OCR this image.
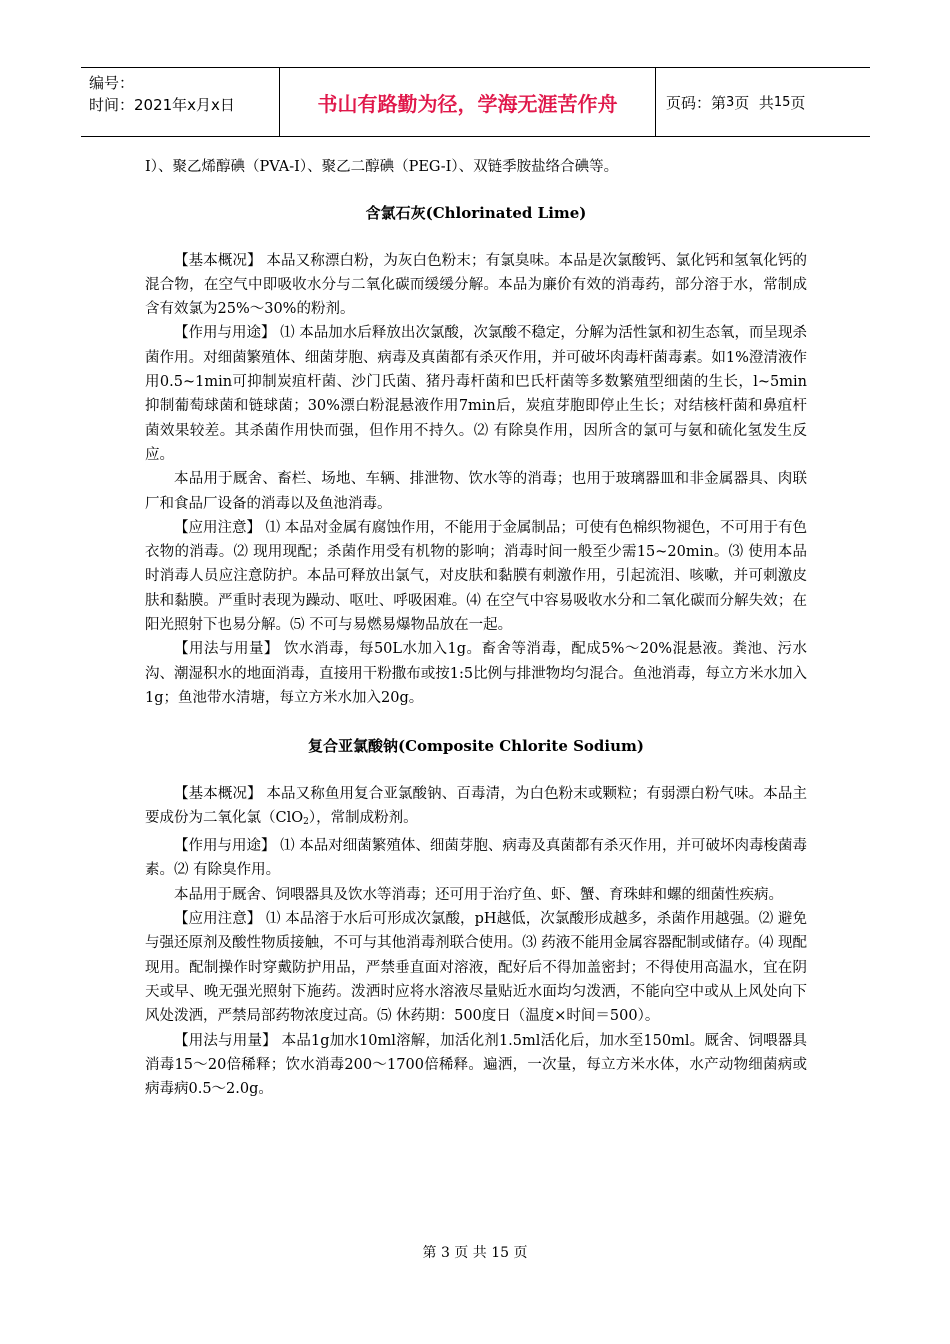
编号：
时间：2021年x月x日	书山有路勤为径，学海无涯苦作舟	页码：第 3 页  共 15 页

I）、聚乙烯醇碘（PVA-I）、聚乙二醇碘（PEG-I）、双链季胺盐络合碘等。

含氯石灰(Chlorinated Lime)

【基本概况】 本品又称漂白粉，为灰白色粉末；有氯臭味。本品是次氯酸钙、氯化钙和氢氧化钙的混合物，在空气中即吸收水分与二氧化碳而缓缓分解。本品为廉价有效的消毒药，部分溶于水，常制成含有效氯为25%～30%的粉剂。

【作用与用途】 ⑴ 本品加水后释放出次氯酸，次氯酸不稳定，分解为活性氯和初生态氧，而呈现杀菌作用。对细菌繁殖体、细菌芽胞、病毒及真菌都有杀灭作用，并可破坏肉毒杆菌毒素。如1%澄清液作用0.5~1min可抑制炭疽杆菌、沙门氏菌、猪丹毒杆菌和巴氏杆菌等多数繁殖型细菌的生长，l~5min抑制葡萄球菌和链球菌；30%漂白粉混悬液作用7min后，炭疽芽胞即停止生长；对结核杆菌和鼻疽杆菌效果较差。其杀菌作用快而强，但作用不持久。⑵ 有除臭作用，因所含的氯可与氨和硫化氢发生反应。

本品用于厩舍、畜栏、场地、车辆、排泄物、饮水等的消毒；也用于玻璃器皿和非金属器具、肉联厂和食品厂设备的消毒以及鱼池消毒。

【应用注意】 ⑴ 本品对金属有腐蚀作用，不能用于金属制品；可使有色棉织物褪色，不可用于有色衣物的消毒。⑵ 现用现配；杀菌作用受有机物的影响；消毒时间一般至少需15~20min。⑶ 使用本品时消毒人员应注意防护。本品可释放出氯气，对皮肤和黏膜有刺激作用，引起流泪、咳嗽，并可刺激皮肤和黏膜。严重时表现为躁动、呕吐、呼吸困难。⑷ 在空气中容易吸收水分和二氧化碳而分解失效；在阳光照射下也易分解。⑸ 不可与易燃易爆物品放在一起。

【用法与用量】 饮水消毒，每50L水加入1g。畜舍等消毒，配成5%～20%混悬液。粪池、污水沟、潮湿积水的地面消毒，直接用干粉撒布或按1:5比例与排泄物均匀混合。鱼池消毒，每立方米水加入1g；鱼池带水清塘，每立方米水加入20g。

复合亚氯酸钠(Composite Chlorite Sodium)

【基本概况】 本品又称鱼用复合亚氯酸钠、百毒清，为白色粉末或颗粒；有弱漂白粉气味。本品主要成份为二氧化氯（ClO$_2$），常制成粉剂。

【作用与用途】 ⑴ 本品对细菌繁殖体、细菌芽胞、病毒及真菌都有杀灭作用，并可破坏肉毒梭菌毒素。⑵ 有除臭作用。

本品用于厩舍、饲喂器具及饮水等消毒；还可用于治疗鱼、虾、蟹、育珠蚌和螺的细菌性疾病。

【应用注意】 ⑴ 本品溶于水后可形成次氯酸，pH越低，次氯酸形成越多，杀菌作用越强。⑵ 避免与强还原剂及酸性物质接触，不可与其他消毒剂联合使用。⑶ 药液不能用金属容器配制或储存。⑷ 现配现用。配制操作时穿戴防护用品，严禁垂直面对溶液，配好后不得加盖密封；不得使用高温水，宜在阴天或早、晚无强光照射下施药。泼洒时应将水溶液尽量贴近水面均匀泼洒，不能向空中或从上风处向下风处泼洒，严禁局部药物浓度过高。⑸ 休药期：500度日（温度×时间＝500）。

【用法与用量】 本品1g加水10ml溶解，加活化剂1.5ml活化后，加水至150ml。厩舍、饲喂器具消毒15～20倍稀释；饮水消毒200～1700倍稀释。遍洒，一次量，每立方米水体，水产动物细菌病或病毒病0.5～2.0g。

第 3 页 共 15 页
